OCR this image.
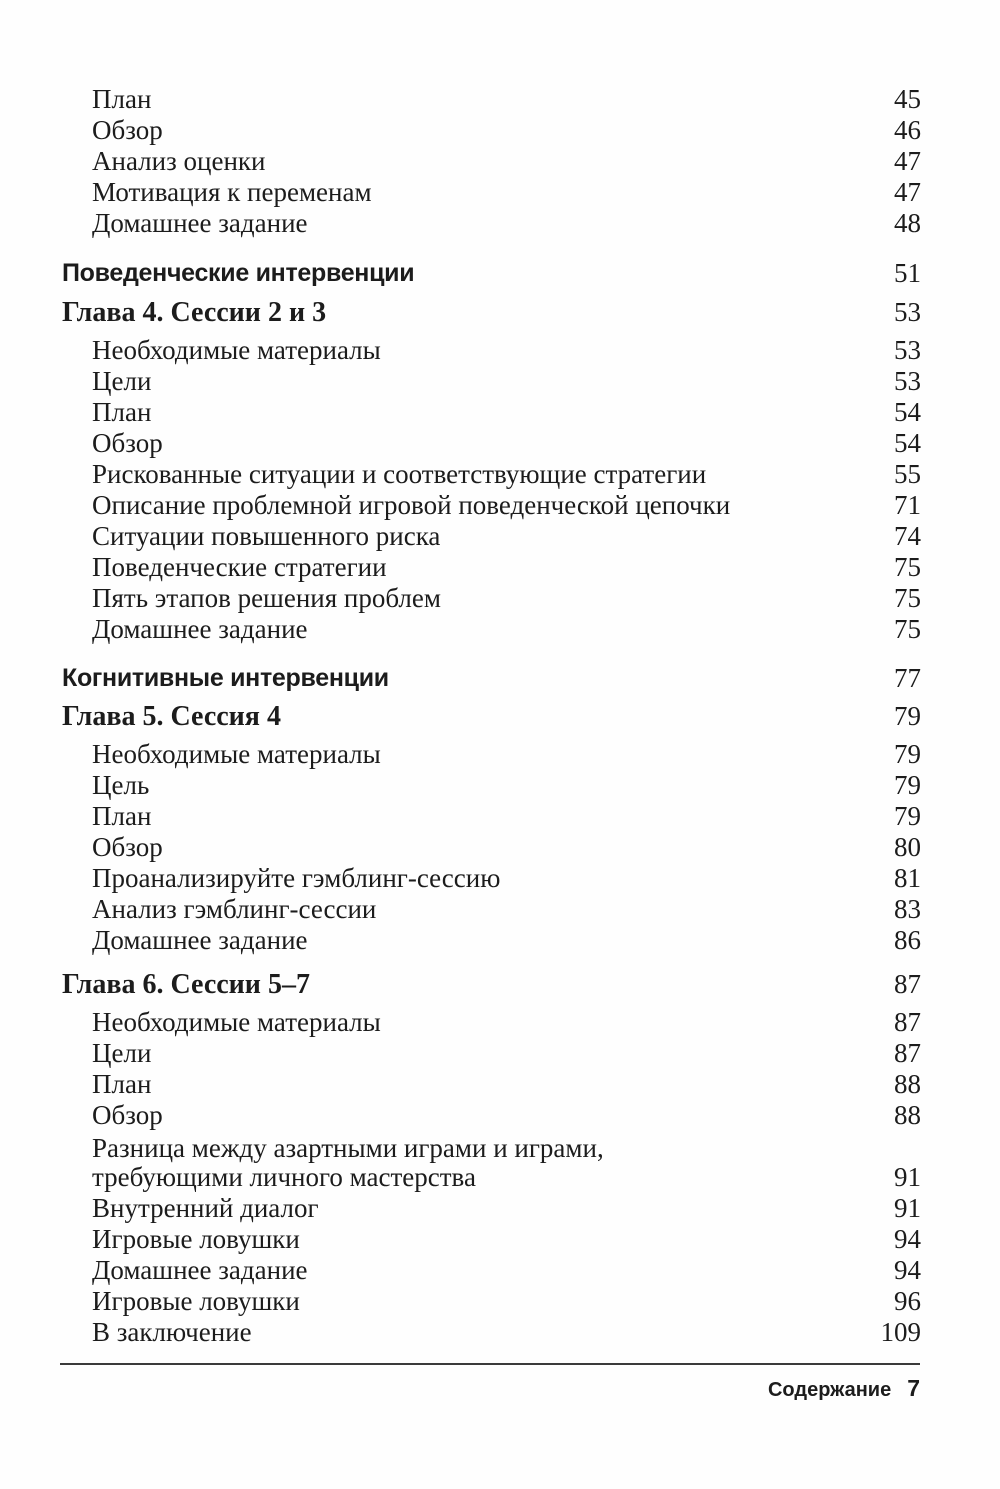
План	45
Обзор	46
Анализ оценки	47
Мотивация к переменам	47
Домашнее задание	48
Поведенческие интервенции	51
Глава 4. Сессии 2 и 3	53
Необходимые материалы	53
Цели	53
План	54
Обзор	54
Рискованные ситуации и соответствующие стратегии	55
Описание проблемной игровой поведенческой цепочки	71
Ситуации повышенного риска	74
Поведенческие стратегии	75
Пять этапов решения проблем	75
Домашнее задание	75
Когнитивные интервенции	77
Глава 5. Сессия 4	79
Необходимые материалы	79
Цель	79
План	79
Обзор	80
Проанализируйте гэмблинг-сессию	81
Анализ гэмблинг-сессии	83
Домашнее задание	86
Глава 6. Сессии 5–7	87
Необходимые материалы	87
Цели	87
План	88
Обзор	88
Разница между азартными играми и играми,
требующими личного мастерства	91
Внутренний диалог	91
Игровые ловушки	94
Домашнее задание	94
Игровые ловушки	96
В заключение	109
Содержание 7
